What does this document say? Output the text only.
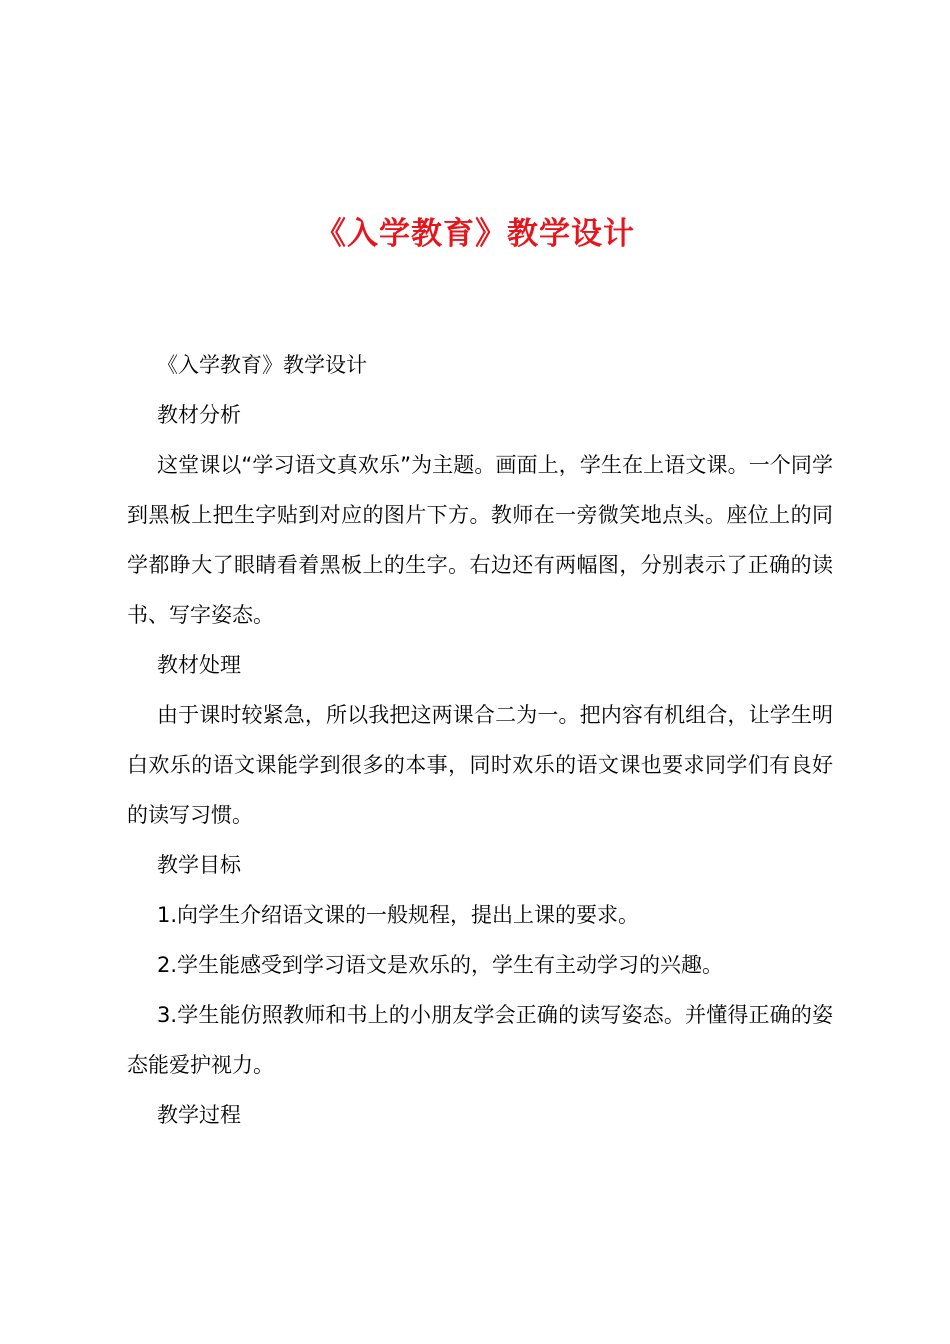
《入学教育》教学设计

《入学教育》教学设计

教材分析

这堂课以“学习语文真欢乐”为主题。画面上，学生在上语文课。一个同学到黑板上把生字贴到对应的图片下方。教师在一旁微笑地点头。座位上的同学都睁大了眼睛看着黑板上的生字。右边还有两幅图，分别表示了正确的读书、写字姿态。

教材处理

由于课时较紧急，所以我把这两课合二为一。把内容有机组合，让学生明白欢乐的语文课能学到很多的本事，同时欢乐的语文课也要求同学们有良好的读写习惯。

教学目标

1.向学生介绍语文课的一般规程，提出上课的要求。

2.学生能感受到学习语文是欢乐的，学生有主动学习的兴趣。

3.学生能仿照教师和书上的小朋友学会正确的读写姿态。并懂得正确的姿态能爱护视力。

教学过程
